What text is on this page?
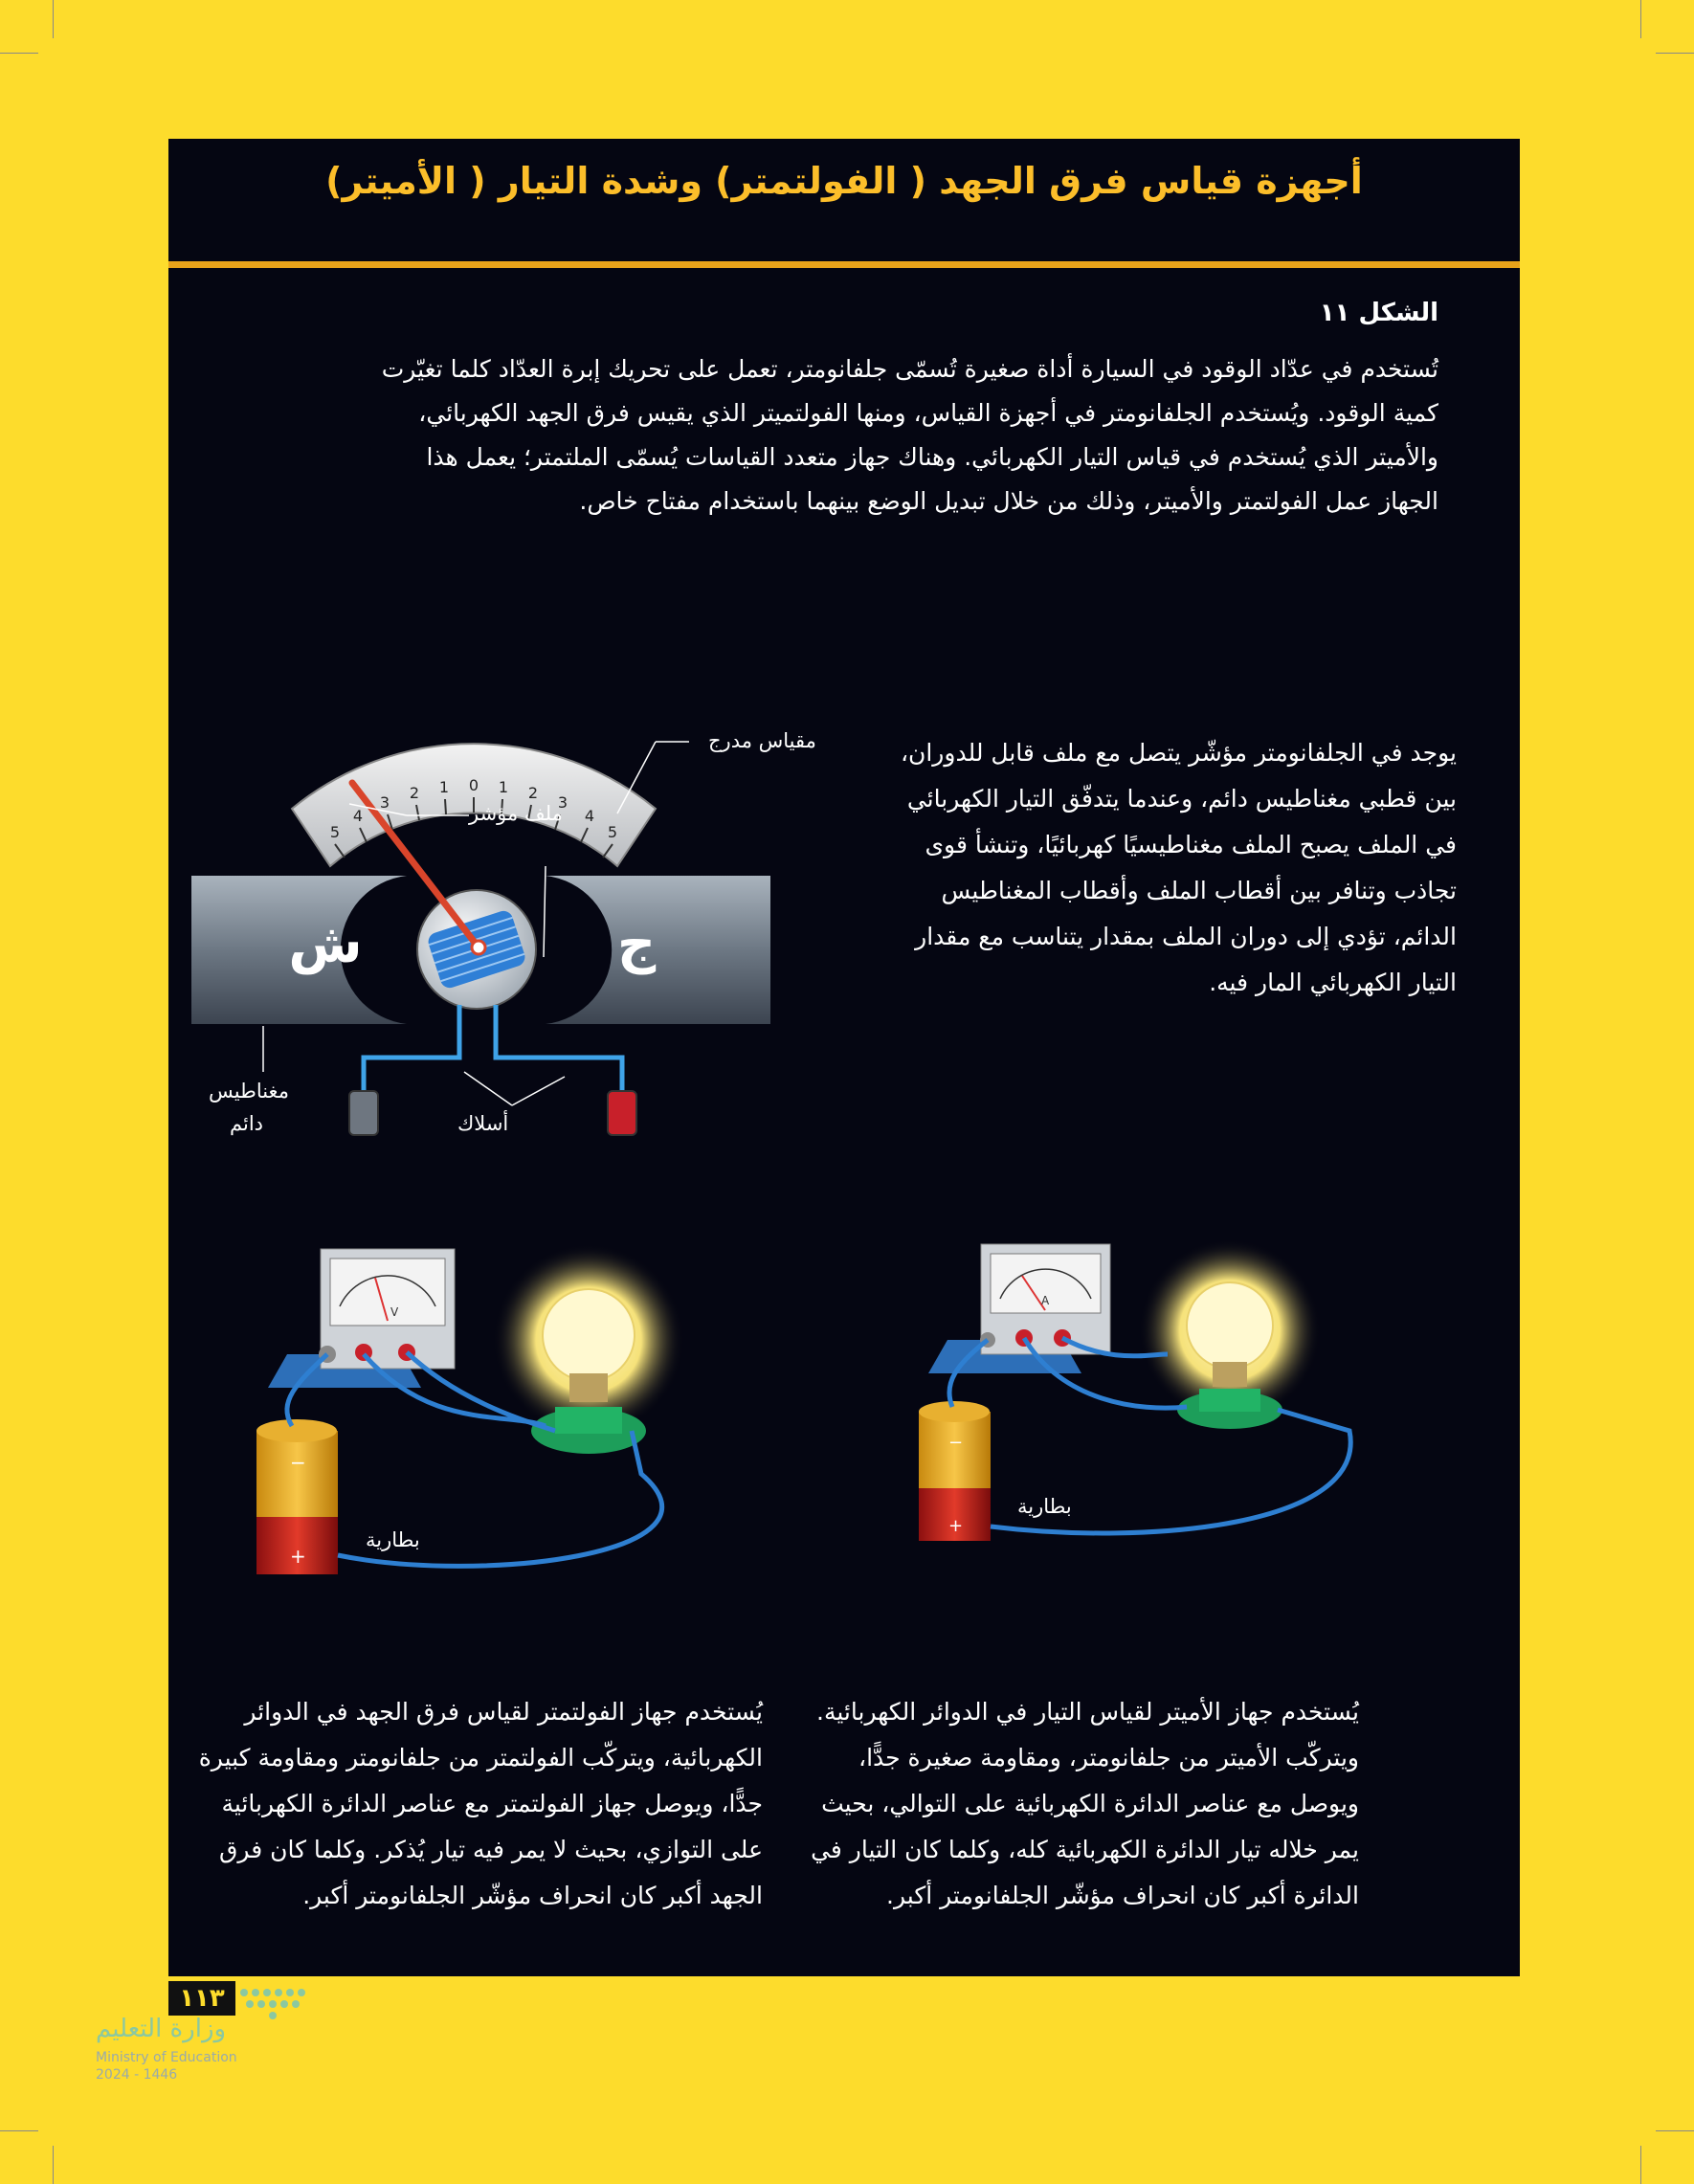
أجهزة قياس فرق الجهد ( الفولتمتر) وشدة التيار ( الأميتر)
الشكل ١١
تُستخدم في عدّاد الوقود في السيارة أداة صغيرة تُسمّى جلفانومتر، تعمل على تحريك إبرة العدّاد كلما تغيّرت كمية الوقود. ويُستخدم الجلفانومتر في أجهزة القياس، ومنها الفولتميتر الذي يقيس فرق الجهد الكهربائي، والأميتر الذي يُستخدم في قياس التيار الكهربائي. وهناك جهاز متعدد القياسات يُسمّى الملتمتر؛ يعمل هذا الجهاز عمل الفولتمتر والأميتر، وذلك من خلال تبديل الوضع بينهما باستخدام مفتاح خاص.
5
4
3
2 1 0 1 2
3
4
5
ش	ج
مقياس مدرج
ملف مؤشر
مغناطيس
دائم	أسلاك
يوجد في الجلفانومتر مؤشّر يتصل مع ملف قابل للدوران، بين قطبي مغناطيس دائم، وعندما يتدفّق التيار الكهربائي في الملف يصبح الملف مغناطيسيًا كهربائيًا، وتنشأ قوى تجاذب وتنافر بين أقطاب الملف وأقطاب المغناطيس الدائم، تؤدي إلى دوران الملف بمقدار يتناسب مع مقدار التيار الكهربائي المار فيه.
V
−
+
بطارية
A
−
+
بطارية
يُستخدم جهاز الأميتر لقياس التيار في الدوائر الكهربائية. ويتركّب الأميتر من جلفانومتر، ومقاومة صغيرة جدًّا، ويوصل مع عناصر الدائرة الكهربائية على التوالي، بحيث يمر خلاله تيار الدائرة الكهربائية كله، وكلما كان التيار في الدائرة أكبر كان انحراف مؤشّر الجلفانومتر أكبر.
يُستخدم جهاز الفولتمتر لقياس فرق الجهد في الدوائر الكهربائية، ويتركّب الفولتمتر من جلفانومتر ومقاومة كبيرة جدًّا، ويوصل جهاز الفولتمتر مع عناصر الدائرة الكهربائية على التوازي، بحيث لا يمر فيه تيار يُذكر. وكلما كان فرق الجهد أكبر كان انحراف مؤشّر الجلفانومتر أكبر.
١١٣
وزارة التعليم
Ministry of Education
2024 - 1446
